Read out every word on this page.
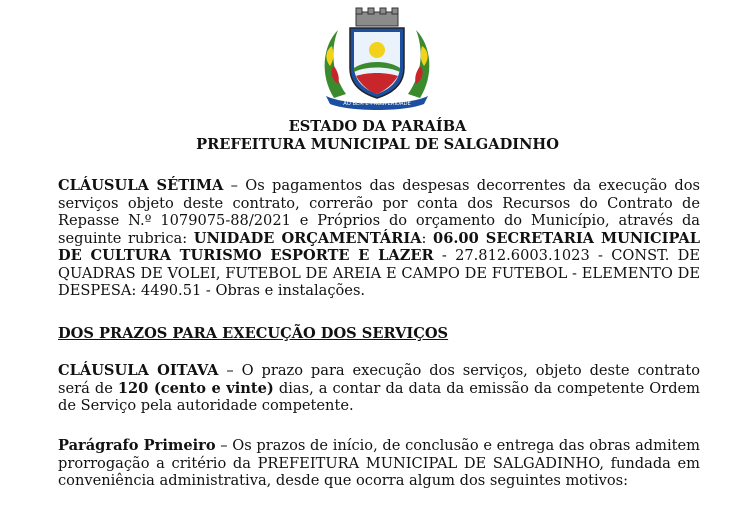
AO BEM E PROSPERIDADE
ESTADO DA PARAÍBA
PREFEITURA MUNICIPAL DE SALGADINHO

CLÁUSULA SÉTIMA – Os pagamentos das despesas decorrentes da execução dos serviços objeto deste contrato, correrão por conta dos Recursos do Contrato de Repasse N.º 1079075-88/2021 e Próprios do orçamento do Município, através da seguinte rubrica: UNIDADE ORÇAMENTÁRIA: 06.00 SECRETARIA MUNICIPAL DE CULTURA TURISMO ESPORTE E LAZER - 27.812.6003.1023 - CONST. DE QUADRAS DE VOLEI, FUTEBOL DE AREIA E CAMPO DE FUTEBOL - ELEMENTO DE DESPESA: 4490.51 - Obras e instalações.

DOS PRAZOS PARA EXECUÇÃO DOS SERVIÇOS

CLÁUSULA OITAVA – O prazo para execução dos serviços, objeto deste contrato será de 120 (cento e vinte) dias, a contar da data da emissão da competente Ordem de Serviço pela autoridade competente.

Parágrafo Primeiro – Os prazos de início, de conclusão e entrega das obras admitem prorrogação a critério da PREFEITURA MUNICIPAL DE SALGADINHO, fundada em conveniência administrativa, desde que ocorra algum dos seguintes motivos:
